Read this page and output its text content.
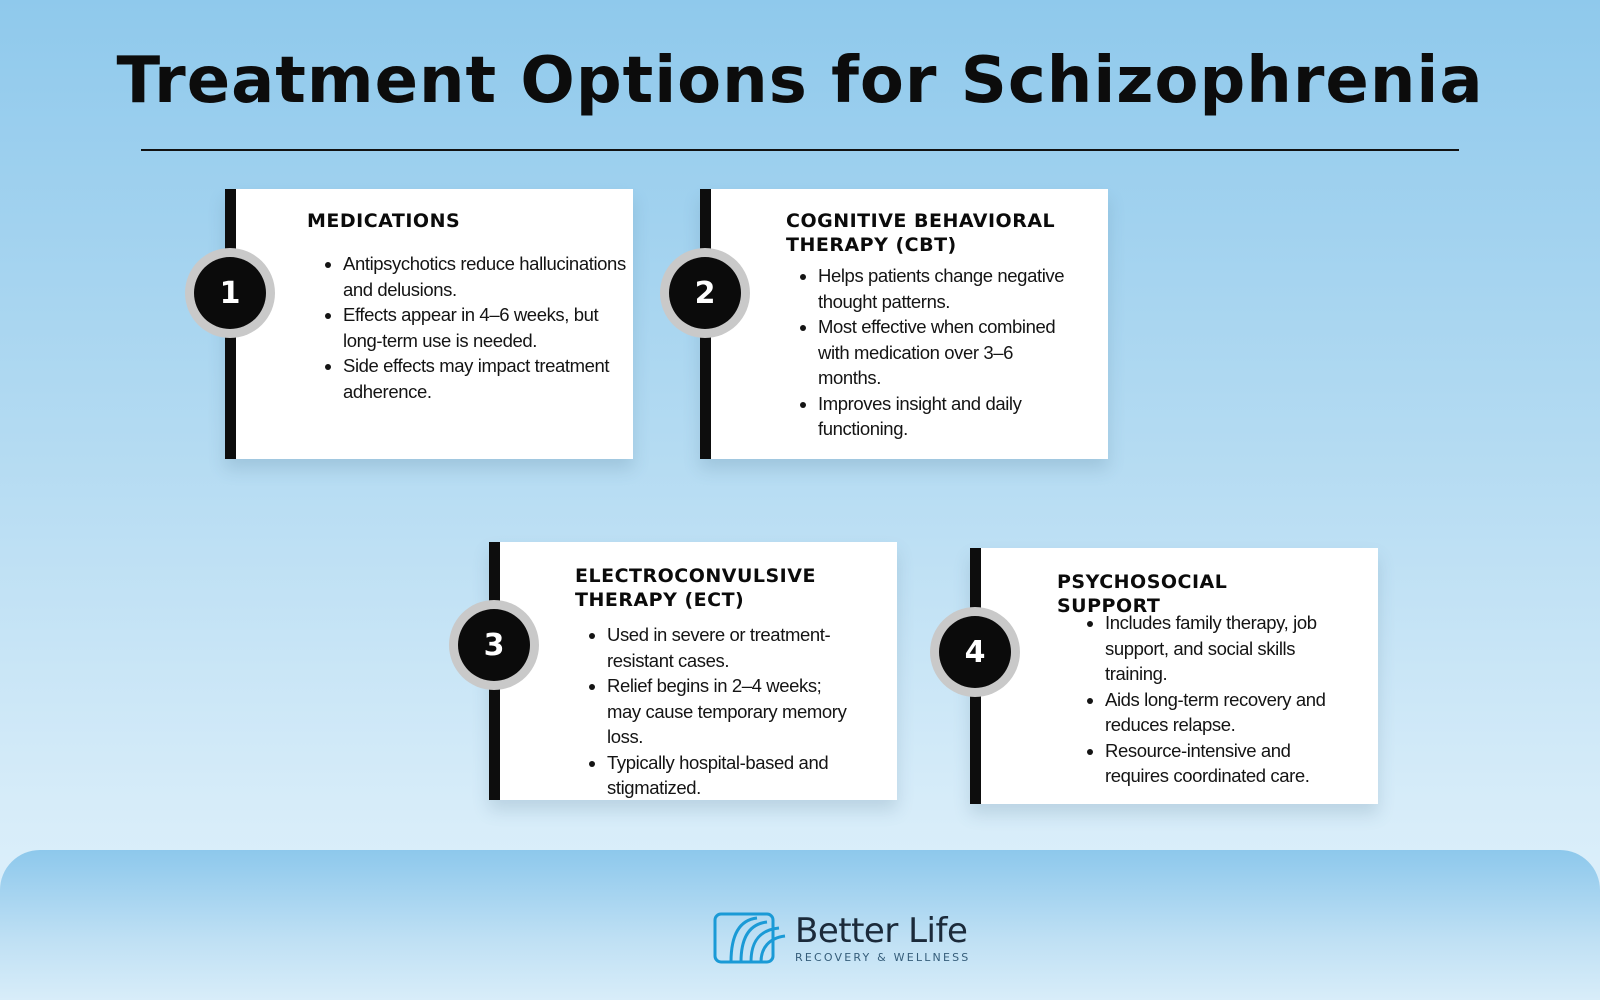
Treatment Options for Schizophrenia
1
MEDICATIONS
• Antipsychotics reduce hallucinations and delusions.
• Effects appear in 4–6 weeks, but long-term use is needed.
• Side effects may impact treatment adherence.
2
COGNITIVE BEHAVIORAL
THERAPY (CBT)
• Helps patients change negative thought patterns.
• Most effective when combined with medication over 3–6 months.
• Improves insight and daily functioning.
3
ELECTROCONVULSIVE
THERAPY (ECT)
• Used in severe or treatment-resistant cases.
• Relief begins in 2–4 weeks; may cause temporary memory loss.
• Typically hospital-based and stigmatized.
4
PSYCHOSOCIAL
SUPPORT
• Includes family therapy, job support, and social skills training.
• Aids long-term recovery and reduces relapse.
• Resource-intensive and requires coordinated care.
Better Life
RECOVERY & WELLNESS
